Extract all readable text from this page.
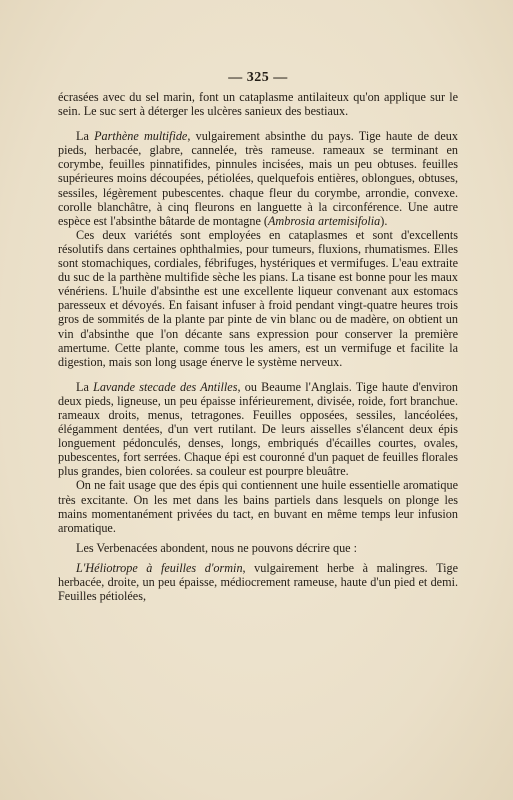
— 325 —

écrasées avec du sel marin, font un cataplasme antilaiteux qu'on applique sur le sein. Le suc sert à déterger les ulcères sanieux des bestiaux.

La Parthène multifide, vulgairement absinthe du pays. Tige haute de deux pieds, herbacée, glabre, cannelée, très rameuse. rameaux se terminant en corymbe, feuilles pinnatifides, pinnules incisées, mais un peu obtuses. feuilles supérieures moins découpées, pétiolées, quelquefois entières, oblongues, obtuses, sessiles, légèrement pubescentes. chaque fleur du corymbe, arrondie, convexe. corolle blanchâtre, à cinq fleurons en languette à la circonférence. Une autre espèce est l'absinthe bâtarde de montagne (Ambrosia artemisifolia).

Ces deux variétés sont employées en cataplasmes et sont d'excellents résolutifs dans certaines ophthalmies, pour tumeurs, fluxions, rhumatismes. Elles sont stomachiques, cordiales, fébrifuges, hystériques et vermifuges. L'eau extraite du suc de la parthène multifide sèche les pians. La tisane est bonne pour les maux vénériens. L'huile d'absinthe est une excellente liqueur convenant aux estomacs paresseux et dévoyés. En faisant infuser à froid pendant vingt-quatre heures trois gros de sommités de la plante par pinte de vin blanc ou de madère, on obtient un vin d'absinthe que l'on décante sans expression pour conserver la première amertume. Cette plante, comme tous les amers, est un vermifuge et facilite la digestion, mais son long usage énerve le système nerveux.

La Lavande stecade des Antilles, ou Beaume l'Anglais. Tige haute d'environ deux pieds, ligneuse, un peu épaisse inférieurement, divisée, roide, fort branchue. rameaux droits, menus, tetragones. Feuilles opposées, sessiles, lancéolées, élégamment dentées, d'un vert rutilant. De leurs aisselles s'élancent deux épis longuement pédonculés, denses, longs, embriqués d'écailles courtes, ovales, pubescentes, fort serrées. Chaque épi est couronné d'un paquet de feuilles florales plus grandes, bien colorées. sa couleur est pourpre bleuâtre.

On ne fait usage que des épis qui contiennent une huile essentielle aromatique très excitante. On les met dans les bains partiels dans lesquels on plonge les mains momentanément privées du tact, en buvant en même temps leur infusion aromatique.

Les Verbenacées abondent, nous ne pouvons décrire que :

L'Héliotrope à feuilles d'ormin, vulgairement herbe à malingres. Tige herbacée, droite, un peu épaisse, médiocrement rameuse, haute d'un pied et demi. Feuilles pétiolées,
